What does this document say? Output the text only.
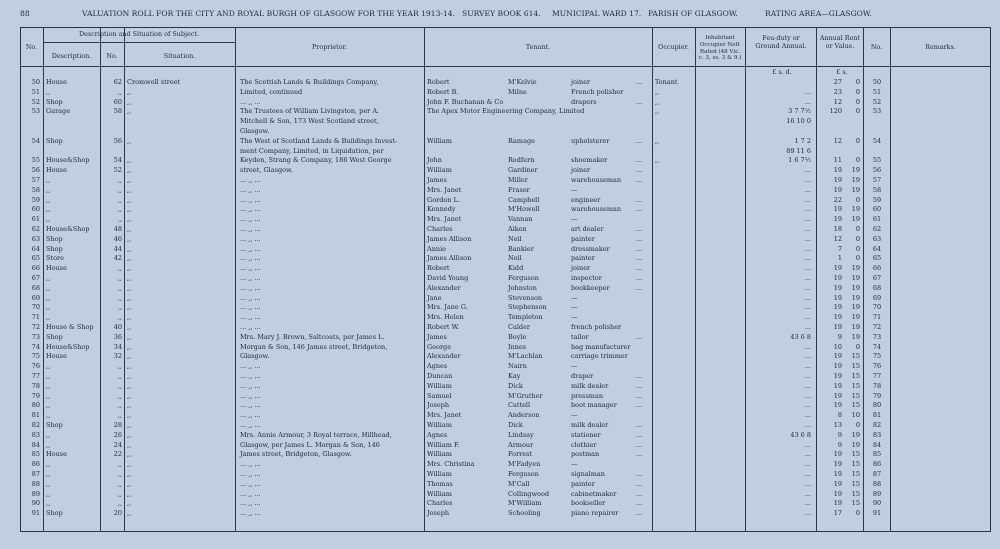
88	VALUATION ROLL FOR THE CITY AND ROYAL BURGH OF GLASGOW FOR THE YEAR 1913-14. SURVEY BOOK 614. MUNICIPAL WARD 17. PARISH OF GLASGOW.	RATING AREA—GLASGOW.
No.
Description and Situation of Subject.
Description.	No.	Situation.
Proprietor.	Tenant.	Occupier.
Inhabitant Occupier Nett Rated (48 Vic. c. 3, ss. 3 & 9.)
Feu-duty or Ground Annual.
Annual Rent or Value.	No.	Remarks.
£ s. d.	£ s.
50 House	62 Cromwell street	The Scottish Lands & Buildings Company,	Robert	M'Kelvie	joiner	...	Tenant	27	0	50
51 ,,	,, ,,	Limited, continued	Robert B.	Milne	French polisher	,,	...	23	0	51
52 Shop	60 ,,	... ,, ...	John F. Buchanan & Co	drapers	...	,,	...	12	0	52
53 Garage	58 ,,	The Trustees of William Livingston, per A.	The Apex Motor Engineering Company, Limited	,,	3 7 7½	120	0	53
Mitchell & Son, 173 West Scotland street,	16 10 0
Glasgow.
54 Shop	56 ,,	The West of Scotland Lands & Buildings Invest-	William	Ramage	upholsterer	...	,,	1 7 2	12	0	54
ment Company, Limited, in Liquidation, per	89 11 6
55 House&Shop	54 ,,	Keyden, Strang & Company, 186 West George	John	Redfern	shoemaker	...	,,	1 6 7½	11	0	55
56 House	52 ,,	street, Glasgow.	William	Gardiner	joiner	...	...	19	19	56
57 ,,	,, ,,	... ,, ...	James	Miller	warehouseman	...	...	19	19	57
58 ,,	,, ,,	... ,, ...	Mrs. Janet	Fraser	—	...	19	19	58
59 ,,	,, ,,	... ,, ...	Gordon L.	Campbell	engineer	...	...	22	0	59
60 ,,	,, ,,	... ,, ...	Kennedy	M'Howell	warehouseman	...	...	19	19	60
61 ,,	,, ,,	... ,, ...	Mrs. Janet	Vannan	—	...	19	19	61
62 House&Shop	48 ,,	... ,, ...	Charles	Aiken	art dealer	...	...	18	0	62
63 Shop	46 ,,	... ,, ...	James Allison	Neil	painter	...	...	12	0	63
64 Shop	44 ,,	... ,, ...	Annie	Bankier	dressmaker	...	...	7	0	64
65 Store	42 ,,	... ,, ...	James Allison	Neil	painter	...	...	1	0	65
66 House	,, ,,	... ,, ...	Robert	Kidd	joiner	...	...	19	19	66
67 ,,	,, ,,	... ,, ...	David Young	Ferguson	inspector	...	...	19	19	67
68 ,,	,, ,,	... ,, ...	Alexander	Johnston	bookkeeper	...	...	19	19	68
69 ,,	,, ,,	... ,, ...	Jane	Stevenson	—	...	19	19	69
70 ,,	,, ,,	... ,, ...	Mrs. Jane G.	Stephenson	—	...	19	19	70
71 ,,	,, ,,	... ,, ...	Mrs. Helen	Templeton	—	...	19	19	71
72 House & Shop	40 ,,	... ,, ...	Robert W.	Calder	french polisher	...	19	19	72
73 Shop	36 ,,	Mrs. Mary J. Brown, Saltcoats, per James L.	James	Boyle	tailor	...	43 6 8	9	19	73
74 House&Shop	34 ,,	Morgan & Son, 146 James street, Bridgeton,	George	Innes	bag manufacturer	...	10	0	74
75 House	32 ,,	Glasgow.	Alexander	M'Lachlan	carriage trimmer	...	19	15	75
76 ,,	,, ,,	... ,, ...	Agnes	Nairn	—	...	19	15	76
77 ,,	,, ,,	... ,, ...	Duncan	Kay	draper	...	...	19	15	77
78 ,,	,, ,,	... ,, ...	William	Dick	milk dealer	...	...	19	15	78
79 ,,	,, ,,	... ,, ...	Samuel	M'Gruther	pressman	...	...	19	15	79
80 ,,	,, ,,	... ,, ...	Joseph	Cattell	boot manager	...	...	19	15	80
81 ,,	,, ,,	... ,, ...	Mrs. Janet	Anderson	—	...	8	10	81
82 Shop	28 ,,	... ,, ...	William	Dick	milk dealer	...	...	13	0	82
83 ,,	26 ,,	Mrs. Annie Armour, 3 Royal terrace, Hillhead,	Agnes	Lindsay	stationer	...	43 6 8	9	19	83
84 ,,	24 ,,	Glasgow, per James L. Morgan & Son, 146	William F.	Armour	clothier	...	...	9	19	84
85 House	22 ,,	James street, Bridgeton, Glasgow.	William	Forrest	postman	...	...	19	15	85
86 ,,	,, ,,	... ,, ...	Mrs. Christina	M'Fadyen	—	...	19	15	86
87 ,,	,, ,,	... ,, ...	William	Ferguson	signalman	...	...	19	15	87
88 ,,	,, ,,	... ,, ...	Thomas	M'Call	painter	...	...	19	15	88
89 ,,	,, ,,	... ,, ...	William	Collingwood	cabinetmaker	...	...	19	15	89
90 ,,	,, ,,	... ,, ...	Charles	M'William	bookseller	...	...	19	15	90
91 Shop	20 ,,	... ,, ...	Joseph	Schooling	piano repairer	...	...	17	0	91
